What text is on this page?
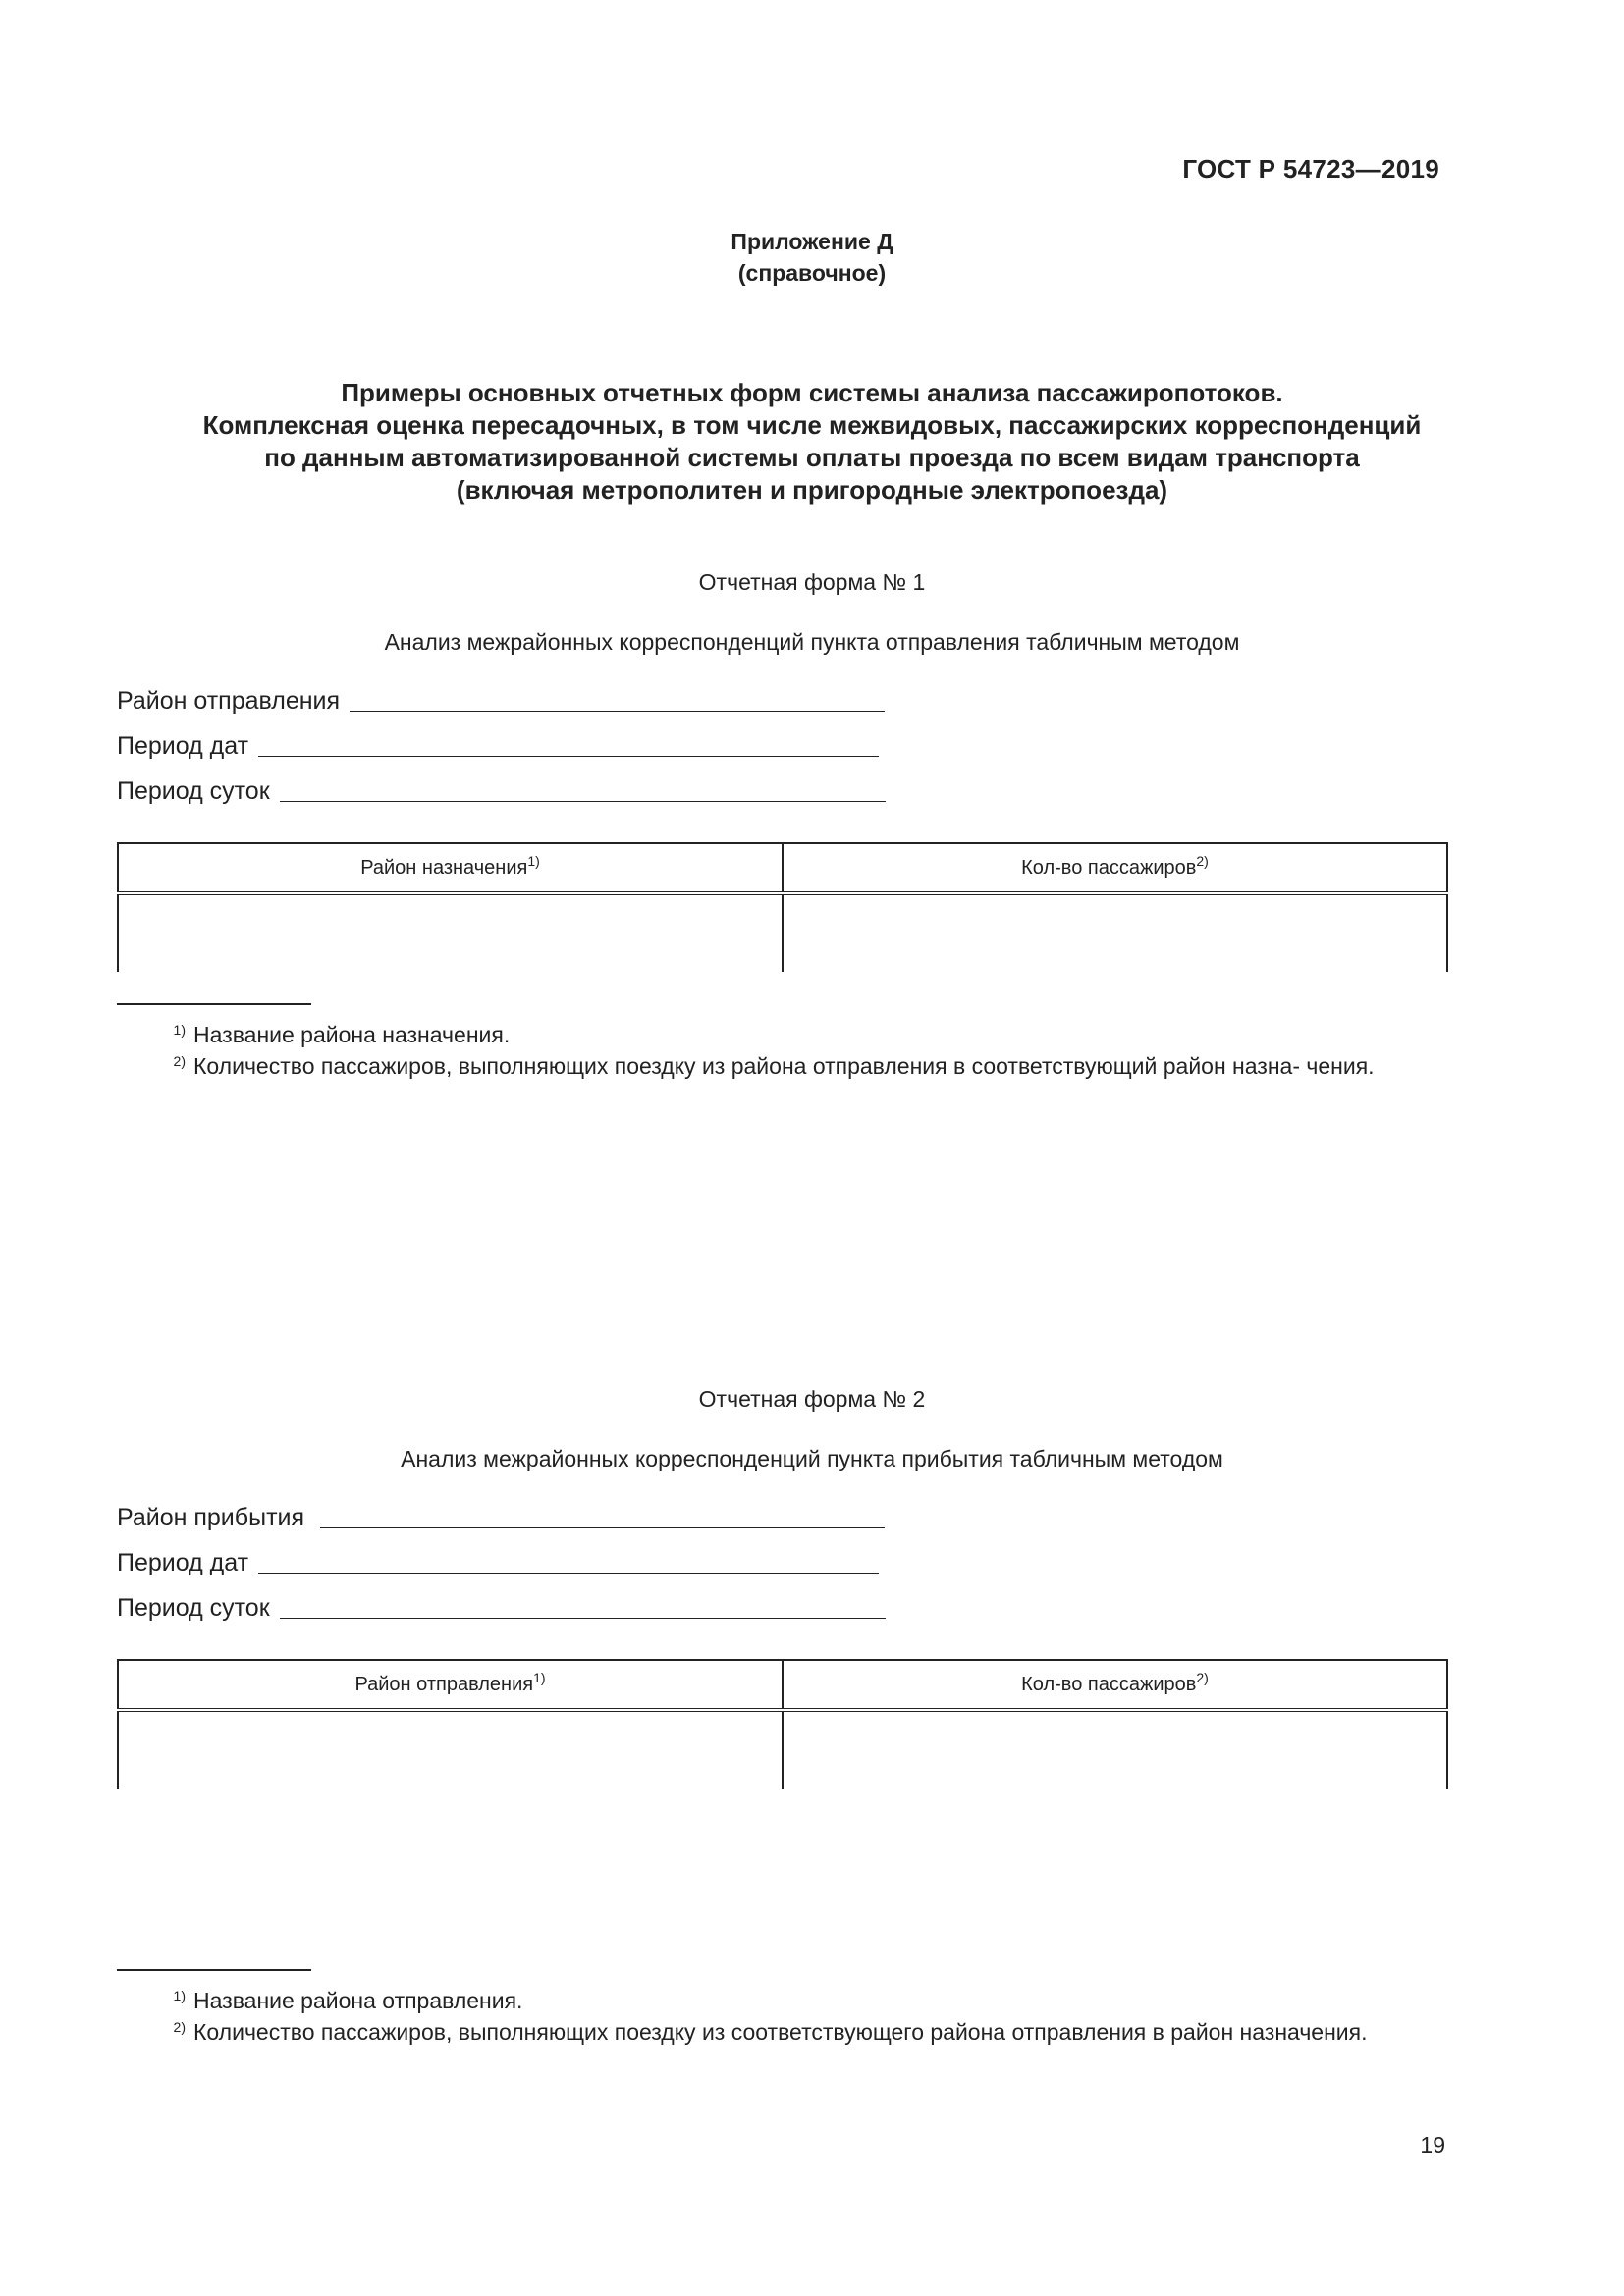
ГОСТ Р 54723—2019
Приложение Д
(справочное)
Примеры основных отчетных форм системы анализа пассажиропотоков.
Комплексная оценка пересадочных, в том числе межвидовых, пассажирских корреспонденций
по данным автоматизированной системы оплаты проезда по всем видам транспорта
(включая метрополитен и пригородные электропоезда)
Отчетная форма № 1
Анализ межрайонных корреспонденций пункта отправления табличным методом
Район отправления
Период дат
Период суток
Район назначения$^{1)}$	Кол-во пассажиров$^{2)}$

$^{1)}$ Название района назначения.
$^{2)}$ Количество пассажиров, выполняющих поездку из района отправления в соответствующий район назна- чения.
Отчетная форма № 2
Анализ межрайонных корреспонденций пункта прибытия табличным методом
Район прибытия
Период дат
Период суток
Район отправления$^{1)}$	Кол-во пассажиров$^{2)}$

$^{1)}$ Название района отправления.
$^{2)}$ Количество пассажиров, выполняющих поездку из соответствующего района отправления в район назначения.
19
